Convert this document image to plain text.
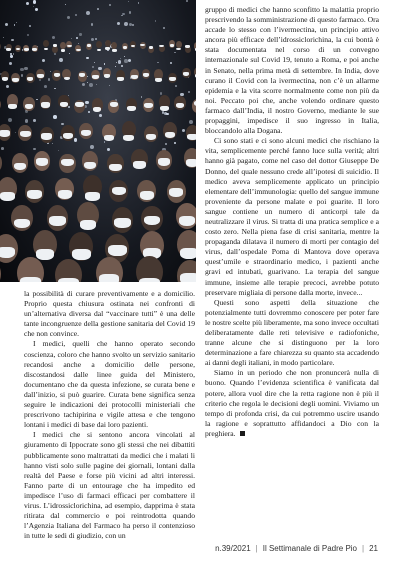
la possibilità di curare preventivamente e a domicilio. Proprio questa chiusura ostinata nei confronti di un’alternativa diversa dal “vaccinare tutti” è una delle tante incongruenze della gestione sanitaria del Covid 19 che non convince.

I medici, quelli che hanno operato secondo coscienza, coloro che hanno svolto un servizio sanitario recandosi anche a domicilio delle persone, discostandosi dalle linee guida del Ministero, documentano che da questa infezione, se curata bene e dall’inizio, si può guarire. Curata bene significa senza seguire le indicazioni dei protocolli ministeriali che prescrivono tachipirina e vigile attesa e che tengono lontani i medici di base dai loro pazienti.

I medici che si sentono ancora vincolati al giuramento di Ippocrate sono gli stessi che nei dibattiti pubblicamente sono maltrattati da medici che i malati li hanno visti solo sulle pagine dei giornali, lontani dalla realtà del Paese e forse più vicini ad altri interessi. Fanno parte di un entourage che ha impedito ed impedisce l’uso di farmaci efficaci per combattere il virus. L’idrossiclorichina, ad esempio, dapprima è stata ritirata dal commercio e poi reintrodotta quando l’Agenzia Italiana del Farmaco ha perso il contenzioso in tutte le sedi di giudizio, con un

gruppo di medici che hanno sconfitto la malattia proprio prescrivendo la somministrazione di questo farmaco. Ora accade lo stesso con l’ivermectina, un principio attivo ancora più efficace dell’idrossiclorichina, la cui bontà è stata documentata nel corso di un convegno internazionale sul Covid 19, tenuto a Roma, e poi anche in Senato, nella prima metà di settembre. In India, dove curano il Covid con la ivermectina, non c’è un allarme epidemia e la vita scorre normalmente come non più da noi. Peccato poi che, anche volendo ordinare questo farmaco dall’India, il nostro Governo, mediante le sue propaggini, impedisce il suo ingresso in Italia, bloccandolo alla Dogana.

Ci sono stati e ci sono alcuni medici che rischiano la vita, semplicemente perché fanno luce sulla verità; altri hanno già pagato, come nel caso del dottor Giuseppe De Donno, del quale nessuno crede all’ipotesi di suicidio. Il medico aveva semplicemente applicato un principio elementare dell’immunologia: quello del sangue immune proveniente da persone malate e poi guarite. Il loro sangue contiene un numero di anticorpi tale da neutralizzare il virus. Si tratta di una pratica semplice e a costo zero. Nella piena fase di crisi sanitaria, mentre la propagandа dilatava il numero di morti per contagio del virus, dall’ospedale Poma di Mantova dove operava quest’umile e straordinario medico, i pazienti anche gravi ed intubati, guarivano. La terapia del sangue immune, insieme alle terapie precoci, avrebbe potuto preservare migliaia di persone dalla morte, invece...

Questi sono aspetti della situazione che potenzialmente tutti dovremmo conoscere per poter fare le nostre scelte più liberamente, ma sono invece occultati deliberatamente dalle reti televisive e radiofoniche, tranne alcune che si distinguono per la loro determinazione a fare chiarezza su quanto sta accadendo ai danni degli italiani, in modo particolare.

Siamo in un periodo che non pronuncerà nulla di buono. Quando l’evidenza scientifica è vanificata dal potere, allora vuol dire che la retta ragione non è più il criterio che regola le decisioni degli uomini. Viviamo un tempo di profonda crisi, da cui potremmo uscire usando la ragione e soprattutto affidandoci a Dio con la preghiera.

n.39/2021 | Il Settimanale di Padre Pio | 21
